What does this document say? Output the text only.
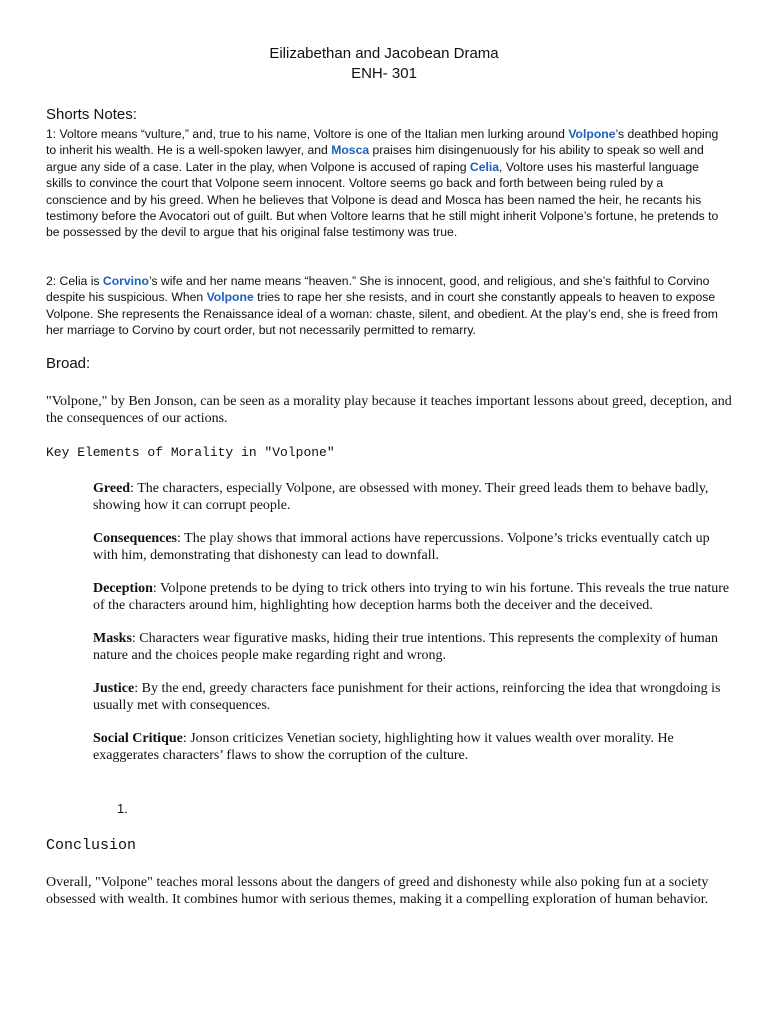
Eilizabethan and Jacobean Drama
ENH- 301
Shorts Notes:

1: Voltore means “vulture,” and, true to his name, Voltore is one of the Italian men lurking around Volpone’s deathbed hoping to inherit his wealth. He is a well-spoken lawyer, and Mosca praises him disingenuously for his ability to speak so well and argue any side of a case. Later in the play, when Volpone is accused of raping Celia, Voltore uses his masterful language skills to convince the court that Volpone seem innocent. Voltore seems go back and forth between being ruled by a conscience and by his greed. When he believes that Volpone is dead and Mosca has been named the heir, he recants his testimony before the Avocatori out of guilt. But when Voltore learns that he still might inherit Volpone’s fortune, he pretends to be possessed by the devil to argue that his original false testimony was true.

2: Celia is Corvino’s wife and her name means “heaven.” She is innocent, good, and religious, and she’s faithful to Corvino despite his suspicious. When Volpone tries to rape her she resists, and in court she constantly appeals to heaven to expose Volpone. She represents the Renaissance ideal of a woman: chaste, silent, and obedient. At the play’s end, she is freed from her marriage to Corvino by court order, but not necessarily permitted to remarry.

Broad:

"Volpone," by Ben Jonson, can be seen as a morality play because it teaches important lessons about greed, deception, and the consequences of our actions.

Key Elements of Morality in "Volpone"

Greed: The characters, especially Volpone, are obsessed with money. Their greed leads them to behave badly, showing how it can corrupt people.

Consequences: The play shows that immoral actions have repercussions. Volpone’s tricks eventually catch up with him, demonstrating that dishonesty can lead to downfall.

Deception: Volpone pretends to be dying to trick others into trying to win his fortune. This reveals the true nature of the characters around him, highlighting how deception harms both the deceiver and the deceived.

Masks: Characters wear figurative masks, hiding their true intentions. This represents the complexity of human nature and the choices people make regarding right and wrong.

Justice: By the end, greedy characters face punishment for their actions, reinforcing the idea that wrongdoing is usually met with consequences.

Social Critique: Jonson criticizes Venetian society, highlighting how it values wealth over morality. He exaggerates characters’ flaws to show the corruption of the culture.

1.
Conclusion

Overall, "Volpone" teaches moral lessons about the dangers of greed and dishonesty while also poking fun at a society obsessed with wealth. It combines humor with serious themes, making it a compelling exploration of human behavior.
